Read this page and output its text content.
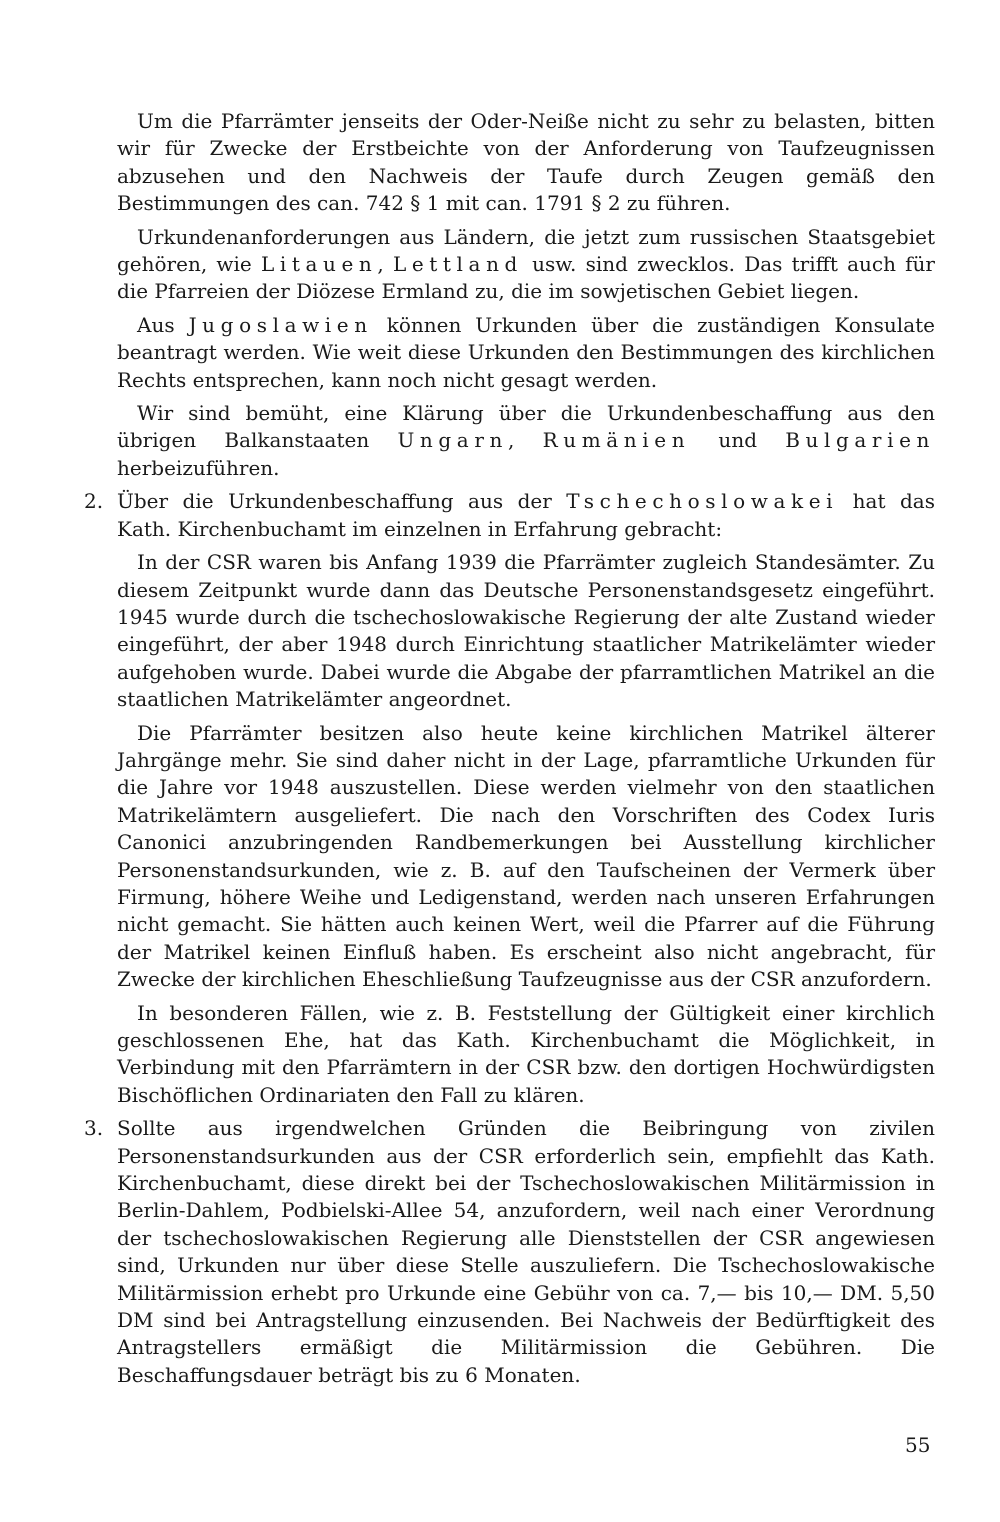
Um die Pfarrämter jenseits der Oder-Neiße nicht zu sehr zu belasten, bitten wir für Zwecke der Erstbeichte von der Anforderung von Taufzeugnissen abzusehen und den Nachweis der Taufe durch Zeugen gemäß den Bestimmungen des can. 742 § 1 mit can. 1791 § 2 zu führen.

Urkundenanforderungen aus Ländern, die jetzt zum russischen Staatsgebiet gehören, wie Litauen, Lettland usw. sind zwecklos. Das trifft auch für die Pfarreien der Diözese Ermland zu, die im sowjetischen Gebiet liegen.

Aus Jugoslawien können Urkunden über die zuständigen Konsulate beantragt werden. Wie weit diese Urkunden den Bestimmungen des kirchlichen Rechts entsprechen, kann noch nicht gesagt werden.

Wir sind bemüht, eine Klärung über die Urkundenbeschaffung aus den übrigen Balkanstaaten Ungarn, Rumänien und Bulgarien herbeizuführen.

2. Über die Urkundenbeschaffung aus der Tschechoslowakei hat das Kath. Kirchenbuchamt im einzelnen in Erfahrung gebracht:

In der CSR waren bis Anfang 1939 die Pfarrämter zugleich Standesämter. Zu diesem Zeitpunkt wurde dann das Deutsche Personenstandsgesetz eingeführt. 1945 wurde durch die tschechoslowakische Regierung der alte Zustand wieder eingeführt, der aber 1948 durch Einrichtung staatlicher Matrikelämter wieder aufgehoben wurde. Dabei wurde die Abgabe der pfarramtlichen Matrikel an die staatlichen Matrikelämter angeordnet.

Die Pfarrämter besitzen also heute keine kirchlichen Matrikel älterer Jahrgänge mehr. Sie sind daher nicht in der Lage, pfarramtliche Urkunden für die Jahre vor 1948 auszustellen. Diese werden vielmehr von den staatlichen Matrikelämtern ausgeliefert. Die nach den Vorschriften des Codex Iuris Canonici anzubringenden Randbemerkungen bei Ausstellung kirchlicher Personenstandsurkunden, wie z. B. auf den Taufscheinen der Vermerk über Firmung, höhere Weihe und Ledigenstand, werden nach unseren Erfahrungen nicht gemacht. Sie hätten auch keinen Wert, weil die Pfarrer auf die Führung der Matrikel keinen Einfluß haben. Es erscheint also nicht angebracht, für Zwecke der kirchlichen Eheschließung Taufzeugnisse aus der CSR anzufordern.

In besonderen Fällen, wie z. B. Feststellung der Gültigkeit einer kirchlich geschlossenen Ehe, hat das Kath. Kirchenbuchamt die Möglichkeit, in Verbindung mit den Pfarrämtern in der CSR bzw. den dortigen Hochwürdigsten Bischöflichen Ordinariaten den Fall zu klären.

3. Sollte aus irgendwelchen Gründen die Beibringung von zivilen Personenstandsurkunden aus der CSR erforderlich sein, empfiehlt das Kath. Kirchenbuchamt, diese direkt bei der Tschechoslowakischen Militärmission in Berlin-Dahlem, Podbielski-Allee 54, anzufordern, weil nach einer Verordnung der tschechoslowakischen Regierung alle Dienststellen der CSR angewiesen sind, Urkunden nur über diese Stelle auszuliefern. Die Tschechoslowakische Militärmission erhebt pro Urkunde eine Gebühr von ca. 7,— bis 10,— DM. 5,50 DM sind bei Antragstellung einzusenden. Bei Nachweis der Bedürftigkeit des Antragstellers ermäßigt die Militärmission die Gebühren. Die Beschaffungsdauer beträgt bis zu 6 Monaten.

55
